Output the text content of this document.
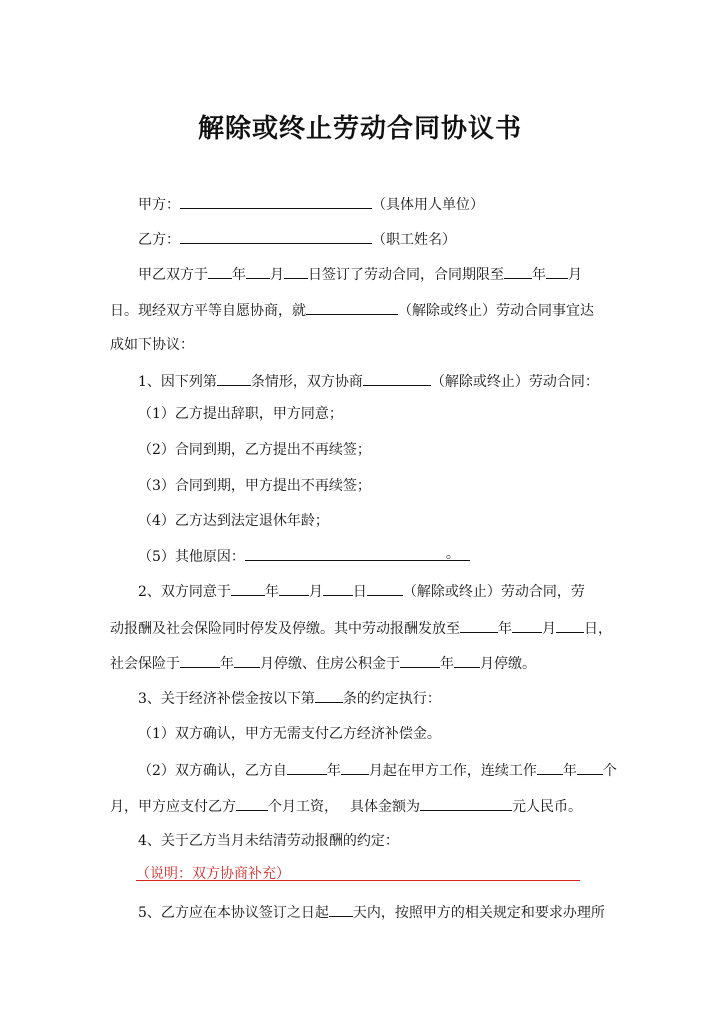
解除或终止劳动合同协议书
甲方：	（具体用人单位）
乙方：	（职工姓名）
甲乙双方于 年 月 日签订了劳动合同，合同期限至 年 月
日。现经双方平等自愿协商，就	（解除或终止）劳动合同事宜达
成如下协议：
1、因下列第 条情形，双方协商	（解除或终止）劳动合同：
（1）乙方提出辞职，甲方同意；
（2）合同到期，乙方提出不再续签；
（3）合同到期，甲方提出不再续签；
（4）乙方达到法定退休年龄；
（5）其他原因：	。
2、双方同意于 年 月 日	（解除或终止）劳动合同，劳
动报酬及社会保险同时停发及停缴。其中劳动报酬发放至	年 月 日，
社会保险于	年 月停缴、住房公积金于	年 月停缴。
3、关于经济补偿金按以下第 条的约定执行：
（1）双方确认，甲方无需支付乙方经济补偿金。
（2）双方确认，乙方自	年 月起在甲方工作，连续工作 年 个
月，甲方应支付乙方 个月工资， 具体金额为	元人民币。
4、关于乙方当月未结清劳动报酬的约定：
（说明：双方协商补充）
5、乙方应在本协议签订之日起 天内，按照甲方的相关规定和要求办理所
